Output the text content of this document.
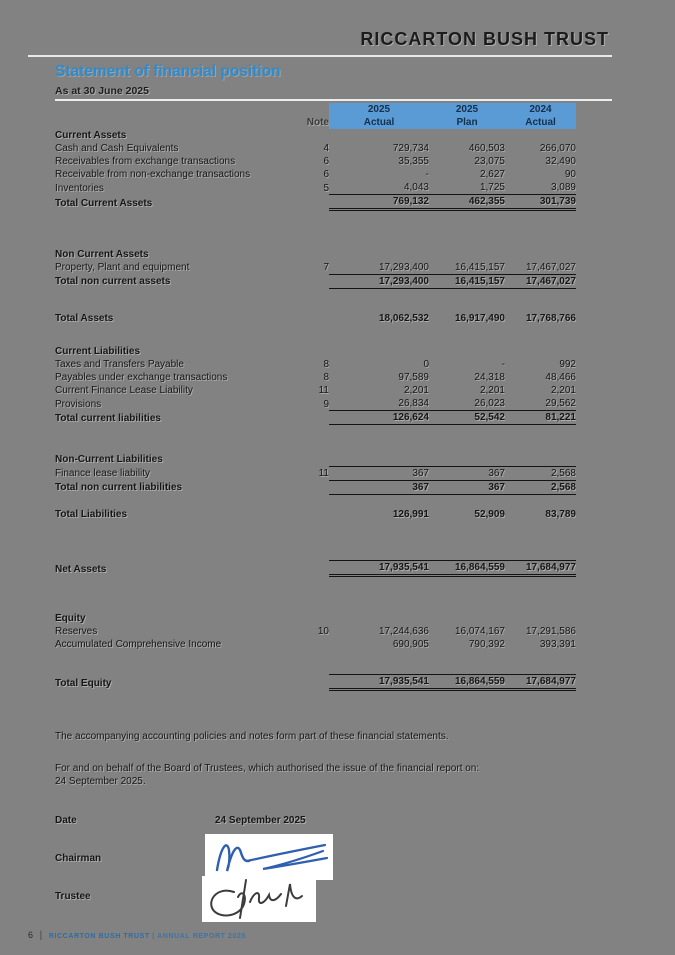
RICCARTON BUSH TRUST
Statement of financial position
As at 30 June 2025
		2025	2025	2024
	Note	Actual	Plan	Actual
Current Assets				
Cash and Cash Equivalents	4	729,734	460,503	266,070
Receivables from exchange transactions	6	35,355	23,075	32,490
Receivable from non-exchange transactions	6	-	2,627	90
Inventories	5	4,043	1,725	3,089
Total Current Assets		769,132	462,355	301,739

Non Current Assets				
Property, Plant and equipment	7	17,293,400	16,415,157	17,467,027
Total non current assets		17,293,400	16,415,157	17,467,027

Total Assets		18,062,532	16,917,490	17,768,766

Current Liabilities				
Taxes and Transfers Payable	8	0	-	992
Payables under exchange transactions	8	97,589	24,318	48,466
Current Finance Lease Liability	11	2,201	2,201	2,201
Provisions	9	26,834	26,023	29,562
Total current liabilities		126,624	52,542	81,221

Non-Current Liabilities				
Finance lease liability	11	367	367	2,568
Total non current liabilities		367	367	2,568

Total Liabilities		126,991	52,909	83,789

Net Assets		17,935,541	16,864,559	17,684,977

Equity				
Reserves	10	17,244,636	16,074,167	17,291,586
Accumulated Comprehensive Income		690,905	790,392	393,391

Total Equity		17,935,541	16,864,559	17,684,977
The accompanying accounting policies and notes form part of these financial statements.
For and on behalf of the Board of Trustees, which authorised the issue of the financial report on:
24 September 2025.
Date	24 September 2025
Chairman
Trustee
6 | RICCARTON BUSH TRUST | ANNUAL REPORT 2025
